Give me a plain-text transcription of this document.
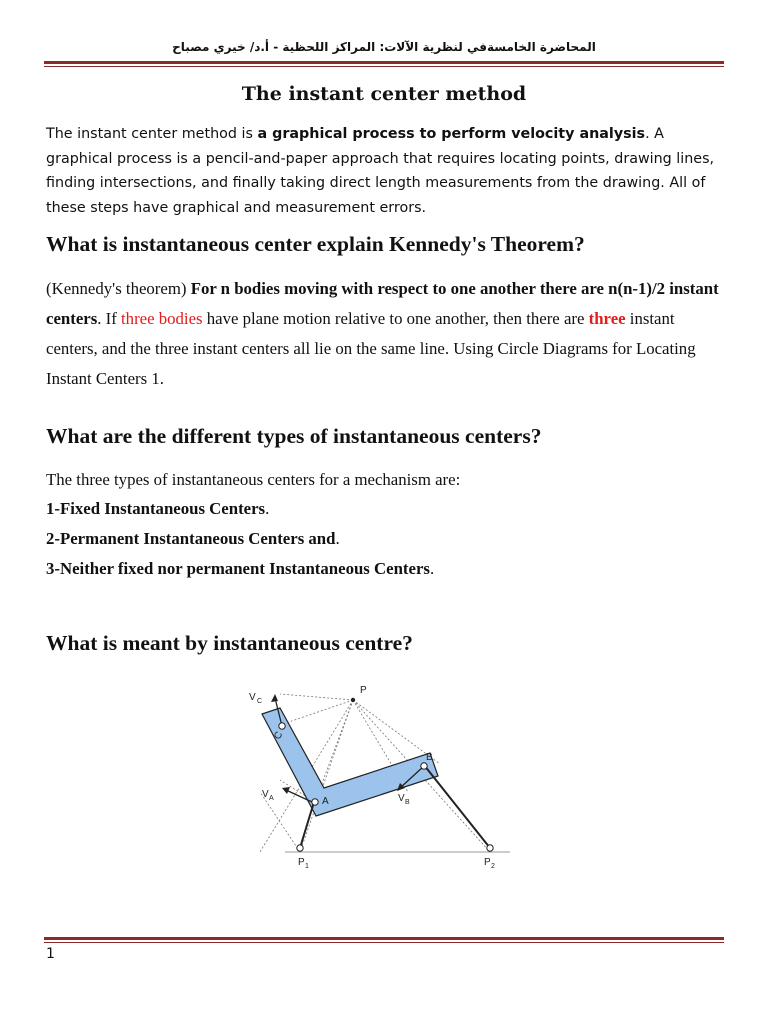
المحاضرة الخامسةفي لنظرية الآلات: المراكز اللحظية - أ.د/ خيري مصباح
The instant center method
The instant center method is a graphical process to perform velocity analysis. A graphical process is a pencil-and-paper approach that requires locating points, drawing lines, finding intersections, and finally taking direct length measurements from the drawing. All of these steps have graphical and measurement errors.
What is instantaneous center explain Kennedy's Theorem?
(Kennedy's theorem) For n bodies moving with respect to one another there are n(n-1)/2 instant centers. If three bodies have plane motion relative to one another, then there are three instant centers, and the three instant centers all lie on the same line. Using Circle Diagrams for Locating Instant Centers 1.
What are the different types of instantaneous centers?
The three types of instantaneous centers for a mechanism are:
1-Fixed Instantaneous Centers.
2-Permanent Instantaneous Centers and.
3-Neither fixed nor permanent Instantaneous Centers.
What is meant by instantaneous centre?
P
V C
C
B
A
V A	V B
P 1	P 2
1
